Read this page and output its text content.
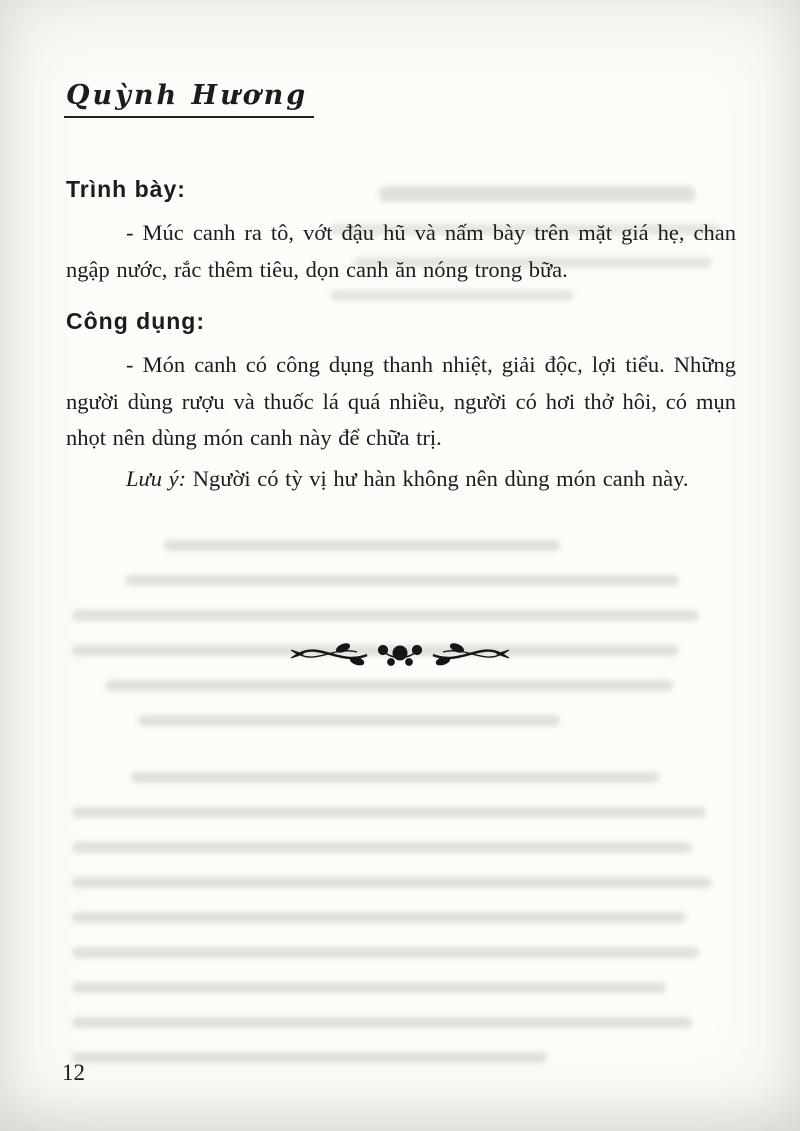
Quỳnh Hương
Trình bày:

- Múc canh ra tô, vớt đậu hũ và nấm bày trên mặt giá hẹ, chan ngập nước, rắc thêm tiêu, dọn canh ăn nóng trong bữa.

Công dụng:

- Món canh có công dụng thanh nhiệt, giải độc, lợi tiểu. Những người dùng rượu và thuốc lá quá nhiều, người có hơi thở hôi, có mụn nhọt nên dùng món canh này để chữa trị.

Lưu ý: Người có tỳ vị hư hàn không nên dùng món canh này.

12
